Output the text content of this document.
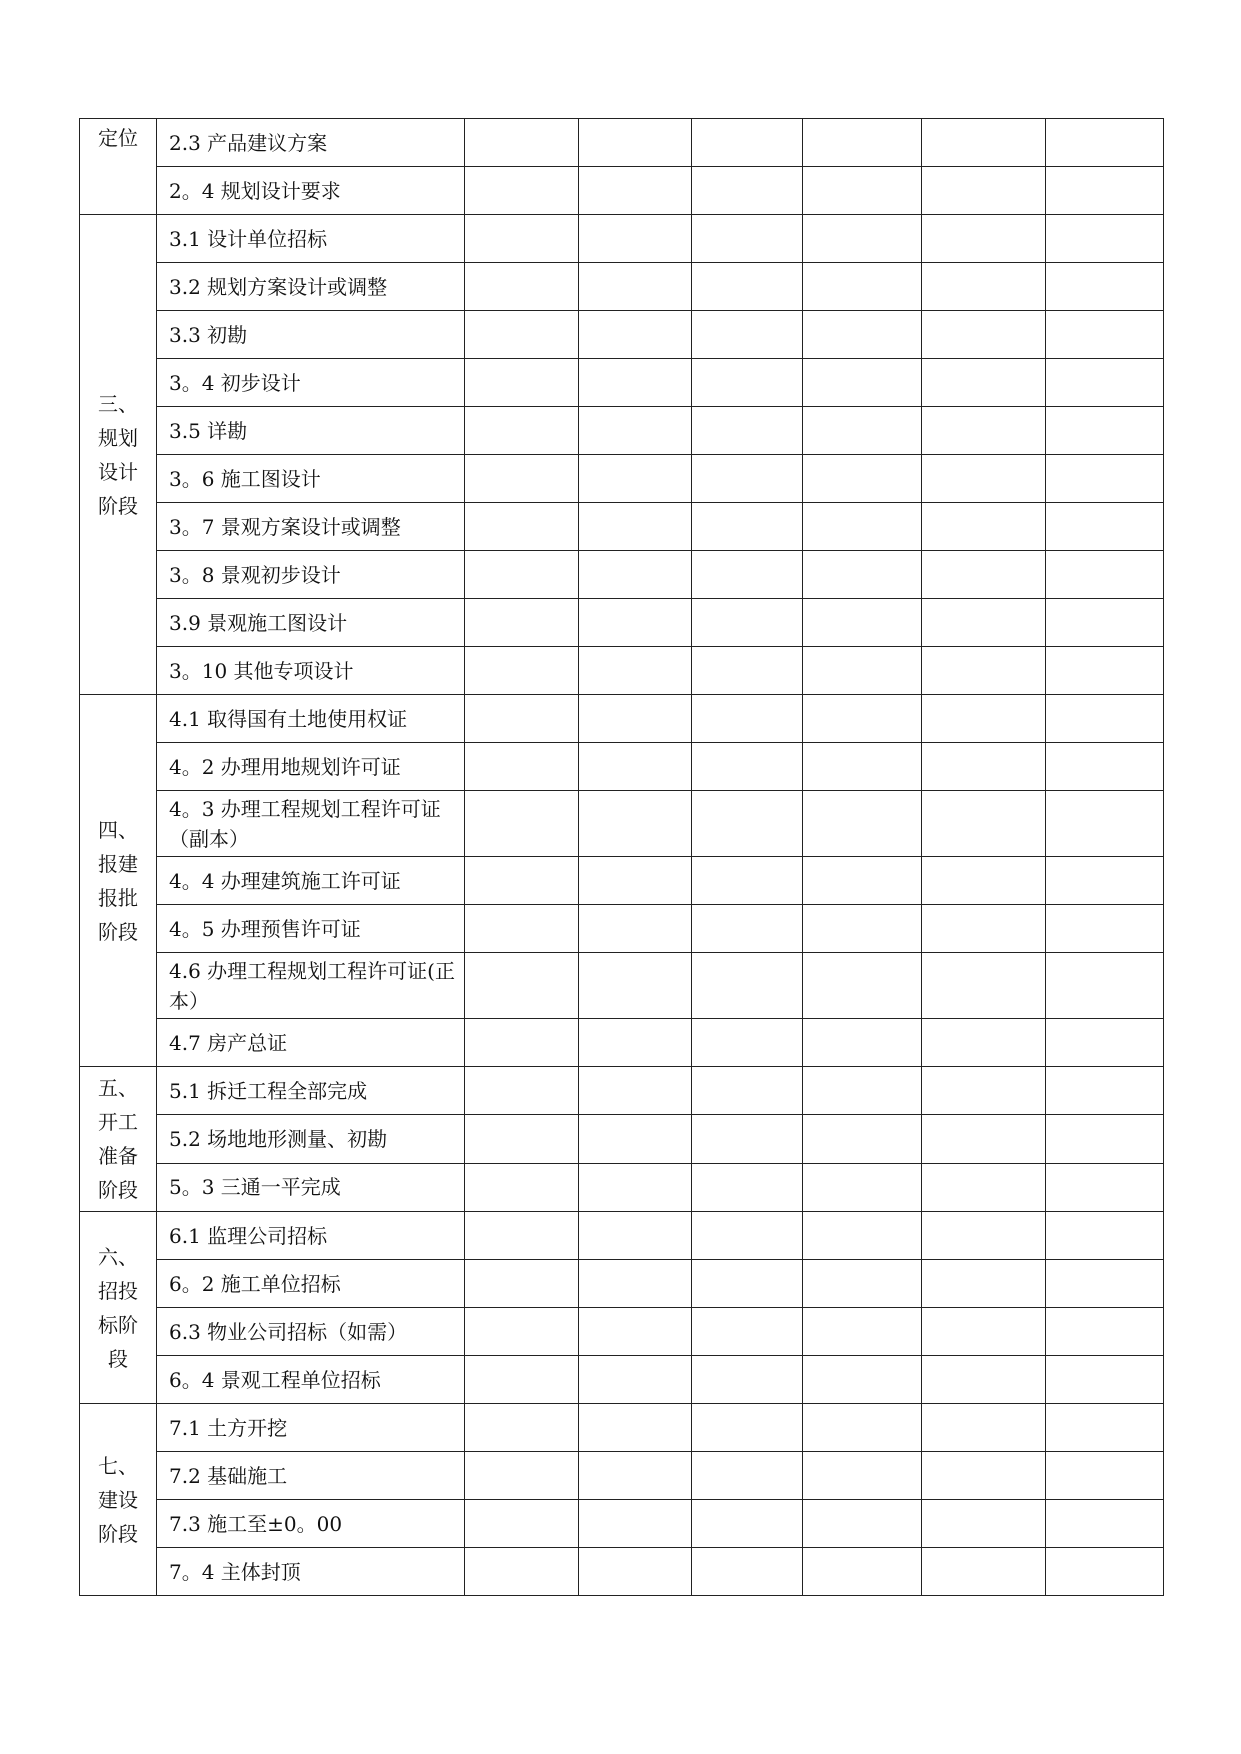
定位	2.3 产品建议方案						
	2。4 规划设计要求						

三、
规划
设计
阶段	3.1 设计单位招标						
	3.2 规划方案设计或调整						
	3.3 初勘						
	3。4 初步设计						
	3.5 详勘						
	3。6 施工图设计						
	3。7 景观方案设计或调整						
	3。8 景观初步设计						
	3.9 景观施工图设计						
	3。10 其他专项设计						

四、
报建
报批
阶段	4.1 取得国有土地使用权证						
	4。2 办理用地规划许可证						
	4。3 办理工程规划工程许可证（副本）						
	4。4 办理建筑施工许可证						
	4。5 办理预售许可证						
	4.6 办理工程规划工程许可证(正本）						
	4.7 房产总证						

五、
开工
准备
阶段	5.1 拆迁工程全部完成						
	5.2 场地地形测量、初勘						
	5。3 三通一平完成						

六、
招投
标阶
段	6.1 监理公司招标						
	6。2 施工单位招标						
	6.3 物业公司招标（如需）						
	6。4 景观工程单位招标						

七、
建设
阶段	7.1 土方开挖						
	7.2 基础施工						
	7.3 施工至±0。00						
	7。4 主体封顶						
